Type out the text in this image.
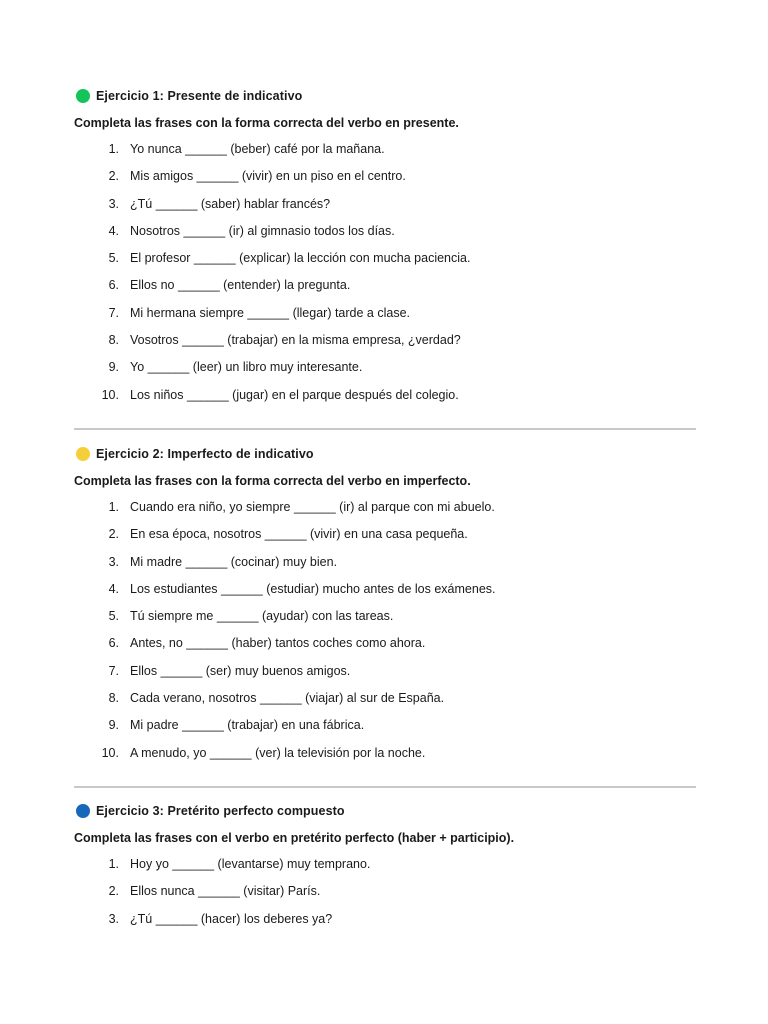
Ejercicio 1: Presente de indicativo
Completa las frases con la forma correcta del verbo en presente.
1. Yo nunca ______ (beber) café por la mañana.
2. Mis amigos ______ (vivir) en un piso en el centro.
3. ¿Tú ______ (saber) hablar francés?
4. Nosotros ______ (ir) al gimnasio todos los días.
5. El profesor ______ (explicar) la lección con mucha paciencia.
6. Ellos no ______ (entender) la pregunta.
7. Mi hermana siempre ______ (llegar) tarde a clase.
8. Vosotros ______ (trabajar) en la misma empresa, ¿verdad?
9. Yo ______ (leer) un libro muy interesante.
10. Los niños ______ (jugar) en el parque después del colegio.
Ejercicio 2: Imperfecto de indicativo
Completa las frases con la forma correcta del verbo en imperfecto.
1. Cuando era niño, yo siempre ______ (ir) al parque con mi abuelo.
2. En esa época, nosotros ______ (vivir) en una casa pequeña.
3. Mi madre ______ (cocinar) muy bien.
4. Los estudiantes ______ (estudiar) mucho antes de los exámenes.
5. Tú siempre me ______ (ayudar) con las tareas.
6. Antes, no ______ (haber) tantos coches como ahora.
7. Ellos ______ (ser) muy buenos amigos.
8. Cada verano, nosotros ______ (viajar) al sur de España.
9. Mi padre ______ (trabajar) en una fábrica.
10. A menudo, yo ______ (ver) la televisión por la noche.
Ejercicio 3: Pretérito perfecto compuesto
Completa las frases con el verbo en pretérito perfecto (haber + participio).
1. Hoy yo ______ (levantarse) muy temprano.
2. Ellos nunca ______ (visitar) París.
3. ¿Tú ______ (hacer) los deberes ya?
